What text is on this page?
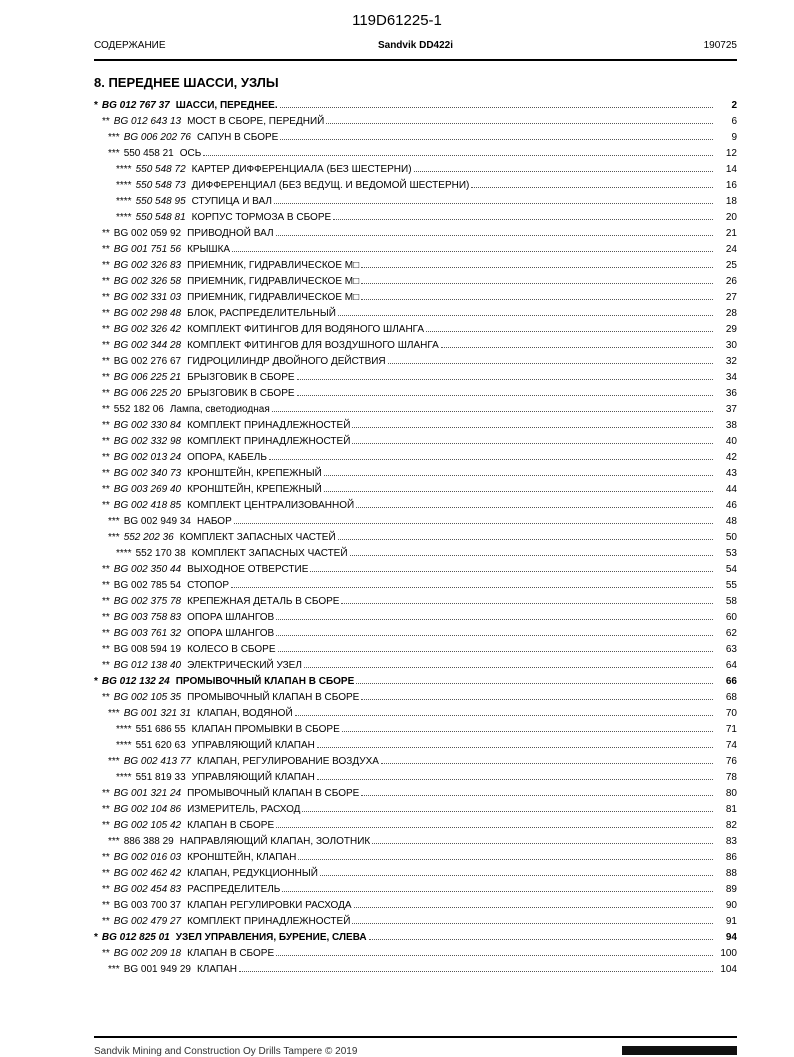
119D61225-1
СОДЕРЖАНИЕ	Sandvik DD422i	190725
8. ПЕРЕДНЕЕ ШАССИ, УЗЛЫ
* BG 012 767 37 ШАССИ, ПЕРЕДНЕЕ.	2
** BG 012 643 13 МОСТ В СБОРЕ, ПЕРЕДНИЙ	6
*** BG 006 202 76 САПУН В СБОРЕ	9
*** 550 458 21 ОСЬ	12
**** 550 548 72 КАРТЕР ДИФФЕРЕНЦИАЛА (БЕЗ ШЕСТЕРНИ)	14
**** 550 548 73 ДИФФЕРЕНЦИАЛ (БЕЗ ВЕДУЩ. И ВЕДОМОЙ ШЕСТЕРНИ)	16
**** 550 548 95 СТУПИЦА И ВАЛ	18
**** 550 548 81 КОРПУС ТОРМОЗА В СБОРЕ	20
** BG 002 059 92 ПРИВОДНОЙ ВАЛ	21
** BG 001 751 56 КРЫШКА	24
** BG 002 326 83 ПРИЕМНИК, ГИДРАВЛИЧЕСКОЕ М□	25
** BG 002 326 58 ПРИЕМНИК, ГИДРАВЛИЧЕСКОЕ М□	26
** BG 002 331 03 ПРИЕМНИК, ГИДРАВЛИЧЕСКОЕ М□	27
** BG 002 298 48 БЛОК, РАСПРЕДЕЛИТЕЛЬНЫЙ	28
** BG 002 326 42 КОМПЛЕКТ ФИТИНГОВ ДЛЯ ВОДЯНОГО ШЛАНГА	29
** BG 002 344 28 КОМПЛЕКТ ФИТИНГОВ ДЛЯ ВОЗДУШНОГО ШЛАНГА	30
** BG 002 276 67 ГИДРОЦИЛИНДР ДВОЙНОГО ДЕЙСТВИЯ	32
** BG 006 225 21 БРЫЗГОВИК В СБОРЕ	34
** BG 006 225 20 БРЫЗГОВИК В СБОРЕ	36
** 552 182 06 Лампа, светодиодная	37
** BG 002 330 84 КОМПЛЕКТ ПРИНАДЛЕЖНОСТЕЙ	38
** BG 002 332 98 КОМПЛЕКТ ПРИНАДЛЕЖНОСТЕЙ	40
** BG 002 013 24 ОПОРА, КАБЕЛЬ	42
** BG 002 340 73 КРОНШТЕЙН, КРЕПЕЖНЫЙ	43
** BG 003 269 40 КРОНШТЕЙН, КРЕПЕЖНЫЙ	44
** BG 002 418 85 КОМПЛЕКТ ЦЕНТРАЛИЗОВАННОЙ	46
*** BG 002 949 34 НАБОР	48
*** 552 202 36 КОМПЛЕКТ ЗАПАСНЫХ ЧАСТЕЙ	50
**** 552 170 38 КОМПЛЕКТ ЗАПАСНЫХ ЧАСТЕЙ	53
** BG 002 350 44 ВЫХОДНОЕ ОТВЕРСТИЕ	54
** BG 002 785 54 СТОПОР	55
** BG 002 375 78 КРЕПЕЖНАЯ ДЕТАЛЬ В СБОРЕ	58
** BG 003 758 83 ОПОРА ШЛАНГОВ	60
** BG 003 761 32 ОПОРА ШЛАНГОВ	62
** BG 008 594 19 КОЛЕСО В СБОРЕ	63
** BG 012 138 40 ЭЛЕКТРИЧЕСКИЙ УЗЕЛ	64
* BG 012 132 24 ПРОМЫВОЧНЫЙ КЛАПАН В СБОРЕ	66
** BG 002 105 35 ПРОМЫВОЧНЫЙ КЛАПАН В СБОРЕ	68
*** BG 001 321 31 КЛАПАН, ВОДЯНОЙ	70
**** 551 686 55 КЛАПАН ПРОМЫВКИ В СБОРЕ	71
**** 551 620 63 УПРАВЛЯЮЩИЙ КЛАПАН	74
*** BG 002 413 77 КЛАПАН, РЕГУЛИРОВАНИЕ ВОЗДУХА	76
**** 551 819 33 УПРАВЛЯЮЩИЙ КЛАПАН	78
** BG 001 321 24 ПРОМЫВОЧНЫЙ КЛАПАН В СБОРЕ	80
** BG 002 104 86 ИЗМЕРИТЕЛЬ, РАСХОД	81
** BG 002 105 42 КЛАПАН В СБОРЕ	82
*** 886 388 29 НАПРАВЛЯЮЩИЙ КЛАПАН, ЗОЛОТНИК	83
** BG 002 016 03 КРОНШТЕЙН, КЛАПАН	86
** BG 002 462 42 КЛАПАН, РЕДУКЦИОННЫЙ	88
** BG 002 454 83 РАСПРЕДЕЛИТЕЛЬ	89
** BG 003 700 37 КЛАПАН РЕГУЛИРОВКИ РАСХОДА	90
** BG 002 479 27 КОМПЛЕКТ ПРИНАДЛЕЖНОСТЕЙ	91
* BG 012 825 01 УЗЕЛ УПРАВЛЕНИЯ, БУРЕНИЕ, СЛЕВА	94
** BG 002 209 18 КЛАПАН В СБОРЕ	100
*** BG 001 949 29 КЛАПАН	104
Sandvik Mining and Construction Oy Drills Tampere © 2019
